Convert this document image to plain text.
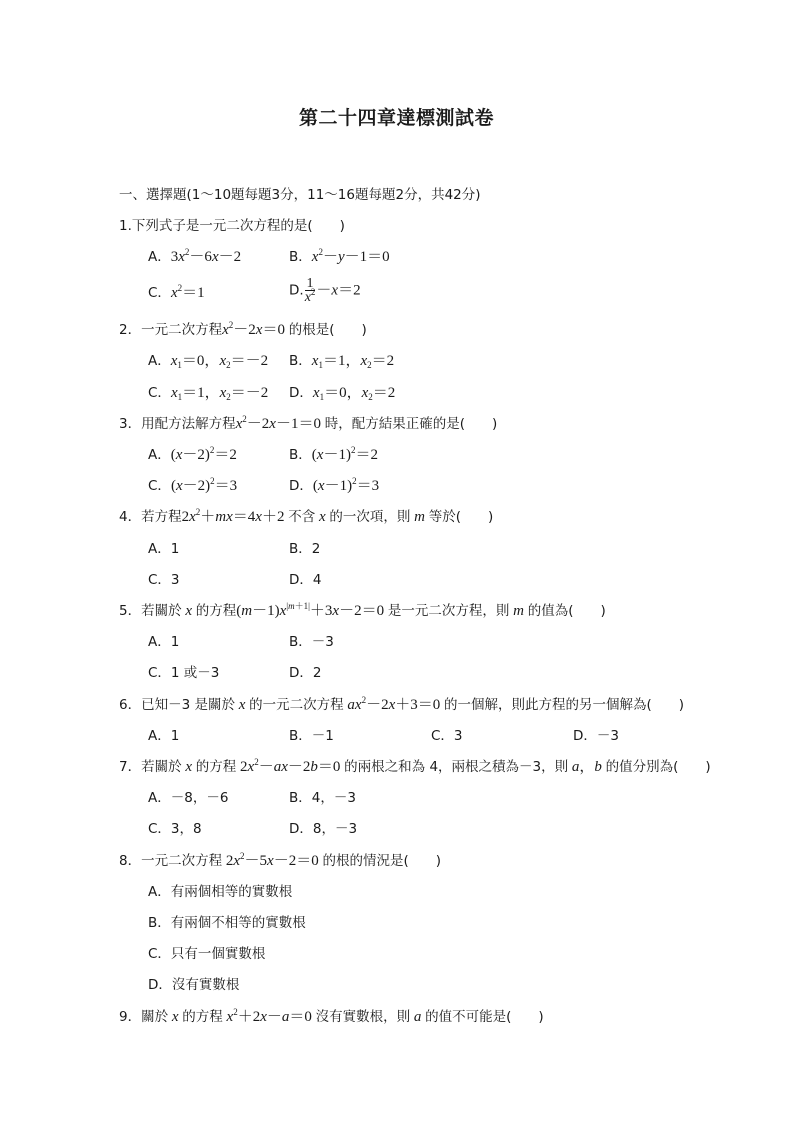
第二十四章達標測試卷
一、選擇題(1～10題每題3分，11～16題每題2分，共42分)
1.下列式子是一元二次方程的是(　　)
A．$3x^2-6x-2$	B．$x^2-y-1=0$
C．$x^2=1$	D. $\frac{1}{x^2} -x=2$
2．一元二次方程$x^2-2x=0$ 的根是(　　)
A．$x_1=0$，$x_2=-2$ B．$x_1=1$，$x_2=2$
C．$x_1=1$，$x_2=-2$ D．$x_1=0$，$x_2=2$
3．用配方法解方程$x^2-2x-1=0$ 時，配方結果正確的是(　　)
A．$(x-2)^2=2$	B．$(x-1)^2=2$
C．$(x-2)^2=3$	D．$(x-1)^2=3$
4．若方程$2x^2+mx=4x+2$ 不含 x 的一次項，則 m 等於(　　)
A．1	B．2
C．3	D．4
5．若關於 x 的方程$(m-1)x^{|m+1|}+3x-2=0$ 是一元二次方程，則 m 的值為(　　)
A．1	B．－3
C．1 或－3	D．2
6．已知－3 是關於 x 的一元二次方程 $ax^2-2x+3=0$ 的一個解，則此方程的另一個解為(　　)
A．1	B．－1	C．3	D．－3
7．若關於 x 的方程 $2x^2-ax-2b=0$ 的兩根之和為 4，兩根之積為－3，則 a，b 的值分別為(　　)
A．－8，－6	B．4，－3
C．3，8	D．8，－3
8．一元二次方程 $2x^2-5x-2=0$ 的根的情況是(　　)
A．有兩個相等的實數根
B．有兩個不相等的實數根
C．只有一個實數根
D．沒有實數根
9．關於 x 的方程 $x^2+2x-a=0$ 沒有實數根，則 a 的值不可能是(　　)
